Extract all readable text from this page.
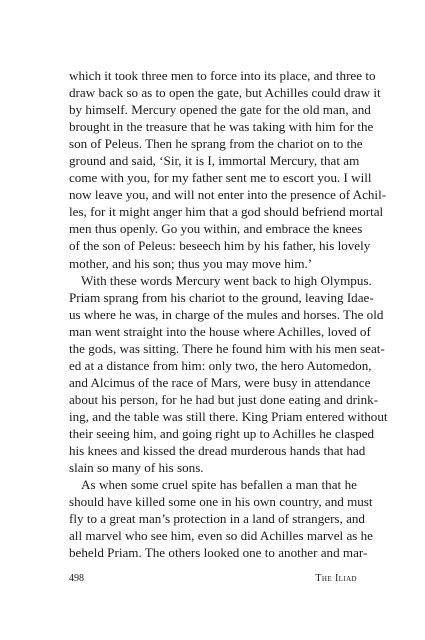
which it took three men to force into its place, and three to
draw back so as to open the gate, but Achilles could draw it
by himself. Mercury opened the gate for the old man, and
brought in the treasure that he was taking with him for the
son of Peleus. Then he sprang from the chariot on to the
ground and said, ‘Sir, it is I, immortal Mercury, that am
come with you, for my father sent me to escort you. I will
now leave you, and will not enter into the presence of Achil-
les, for it might anger him that a god should befriend mortal
men thus openly. Go you within, and embrace the knees
of the son of Peleus: beseech him by his father, his lovely
mother, and his son; thus you may move him.’
With these words Mercury went back to high Olympus.
Priam sprang from his chariot to the ground, leaving Idae-
us where he was, in charge of the mules and horses. The old
man went straight into the house where Achilles, loved of
the gods, was sitting. There he found him with his men seat-
ed at a distance from him: only two, the hero Automedon,
and Alcimus of the race of Mars, were busy in attendance
about his person, for he had but just done eating and drink-
ing, and the table was still there. King Priam entered without
their seeing him, and going right up to Achilles he clasped
his knees and kissed the dread murderous hands that had
slain so many of his sons.
As when some cruel spite has befallen a man that he
should have killed some one in his own country, and must
fly to a great man’s protection in a land of strangers, and
all marvel who see him, even so did Achilles marvel as he
beheld Priam. The others looked one to another and mar-
498	The Iliad
